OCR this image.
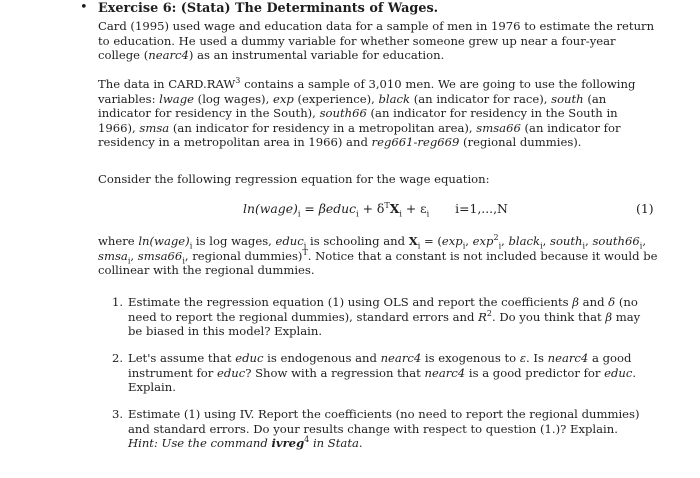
• Exercise 6: (Stata) The Determinants of Wages.
Card (1995) used wage and education data for a sample of men in 1976 to estimate the return to education. He used a dummy variable for whether someone grew up near a four-year college (nearc4) as an instrumental variable for education.
The data in CARD.RAW$^3$ contains a sample of 3,010 men. We are going to use the following variables: lwage (log wages), exp (experience), black (an indicator for race), south (an indicator for residency in the South), south66 (an indicator for residency in the South in 1966), smsa (an indicator for residency in a metropolitan area), smsa66 (an indicator for residency in a metropolitan area in 1966) and reg661-reg669 (regional dummies).
Consider the following regression equation for the wage equation:
$\ln(wage)_i$ = βeduc$_i$ + $\delta^TX_i + \varepsilon_i$ i=1,...,N	(1)
where $\ln(wage)_i$ is log wages, educ$_i$ is schooling and $X_i = (\exp_i$, $\exp^2_i$, black$_i$, south$_i$, $south66_i$, smsa$_i$, $smsa66_i$, regional dummies)$^T$. Notice that a constant is not included because it would be collinear with the regional dummies.
1. Estimate the regression equation (1) using OLS and report the coefficients β and δ (no need to report the regional dummies), standard errors and $R^2$. Do you think that β may be biased in this model? Explain.
2. Let's assume that educ is endogenous and nearc4 is exogenous to ε. Is nearc4 a good instrument for educ? Show with a regression that nearc4 is a good predictor for educ. Explain.
3. Estimate (1) using IV. Report the coefficients (no need to report the regional dummies) and standard errors. Do your results change with respect to question (1.)? Explain.
Hint: Use the command ivreg$^4$ in Stata.
